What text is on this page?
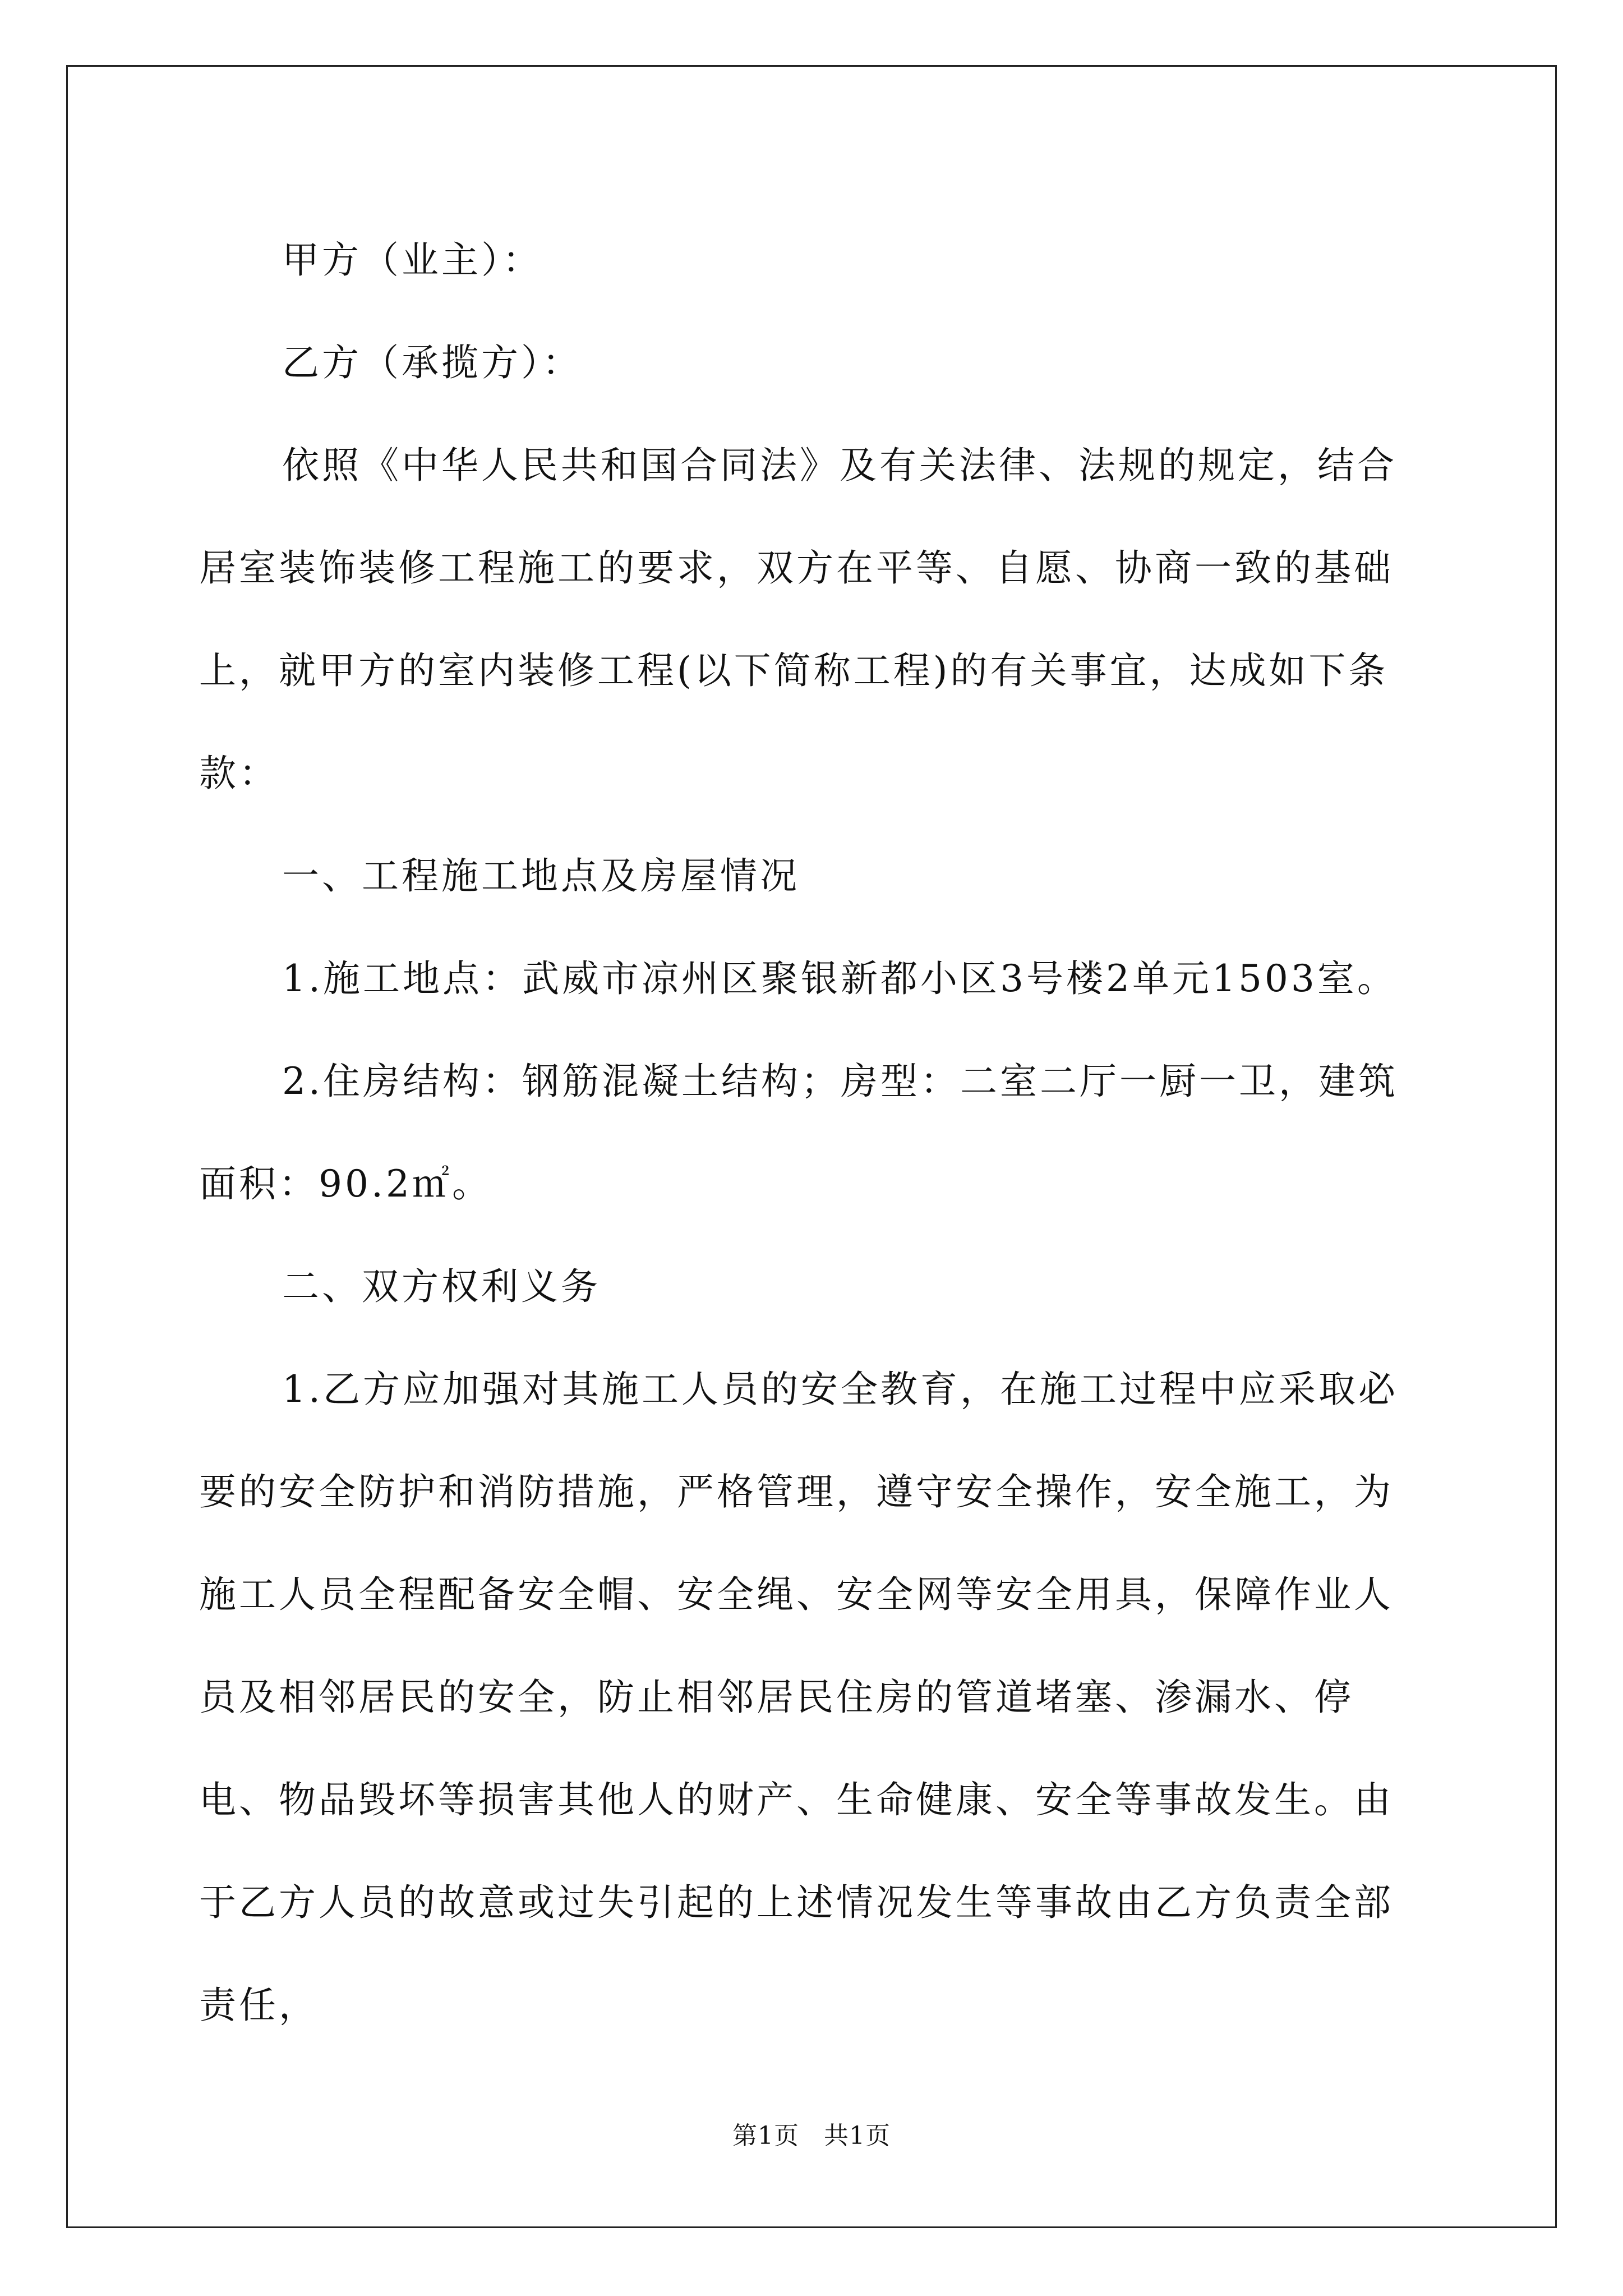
甲方（业主）：

乙方（承揽方）：

依照《中华人民共和国合同法》及有关法律、法规的规定，结合居室装饰装修工程施工的要求，双方在平等、自愿、协商一致的基础上，就甲方的室内装修工程(以下简称工程)的有关事宜，达成如下条款：

一、工程施工地点及房屋情况

1.施工地点：武威市凉州区聚银新都小区3号楼2单元1503室。

2.住房结构：钢筋混凝土结构；房型：二室二厅一厨一卫，建筑面积：90.2㎡。

二、双方权利义务

1.乙方应加强对其施工人员的安全教育，在施工过程中应采取必要的安全防护和消防措施，严格管理，遵守安全操作，安全施工，为施工人员全程配备安全帽、安全绳、安全网等安全用具，保障作业人员及相邻居民的安全，防止相邻居民住房的管道堵塞、渗漏水、停电、物品毁坏等损害其他人的财产、生命健康、安全等事故发生。由于乙方人员的故意或过失引起的上述情况发生等事故由乙方负责全部责任，

第1页 共1页
